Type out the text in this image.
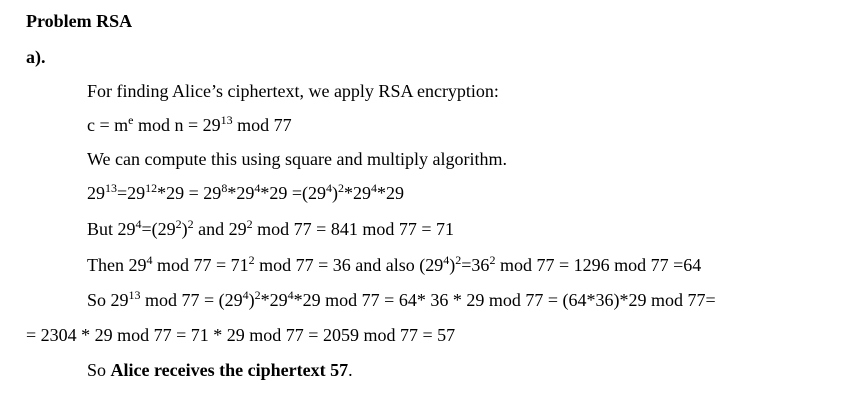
Problem RSA
a).
For finding Alice’s ciphertext, we apply RSA encryption:
$c = m^e$ mod $n = 29^{13}$ mod 77
We can compute this using square and multiply algorithm.
$29^{13}=29^{12}*29 = 29^8*29^4*29 =(29^4)^2*29^4*29$
But $29^4=(29^2)^2$ and $29^2$ mod 77 = 841 mod 77 = 71
Then $29^4$ mod $77 = 71^2$ mod 77 = 36 and also $(29^4)^2=36^2$ mod 77 = 1296 mod 77 =64
So $29^{13}$ mod $77 = (29^4)^2*29^4*29$ mod 77 = 64* 36 * 29 mod 77 = (64*36)*29 mod 77=
= 2304 * 29 mod 77 = 71 * 29 mod 77 = 2059 mod 77 = 57
So Alice receives the ciphertext 57.
